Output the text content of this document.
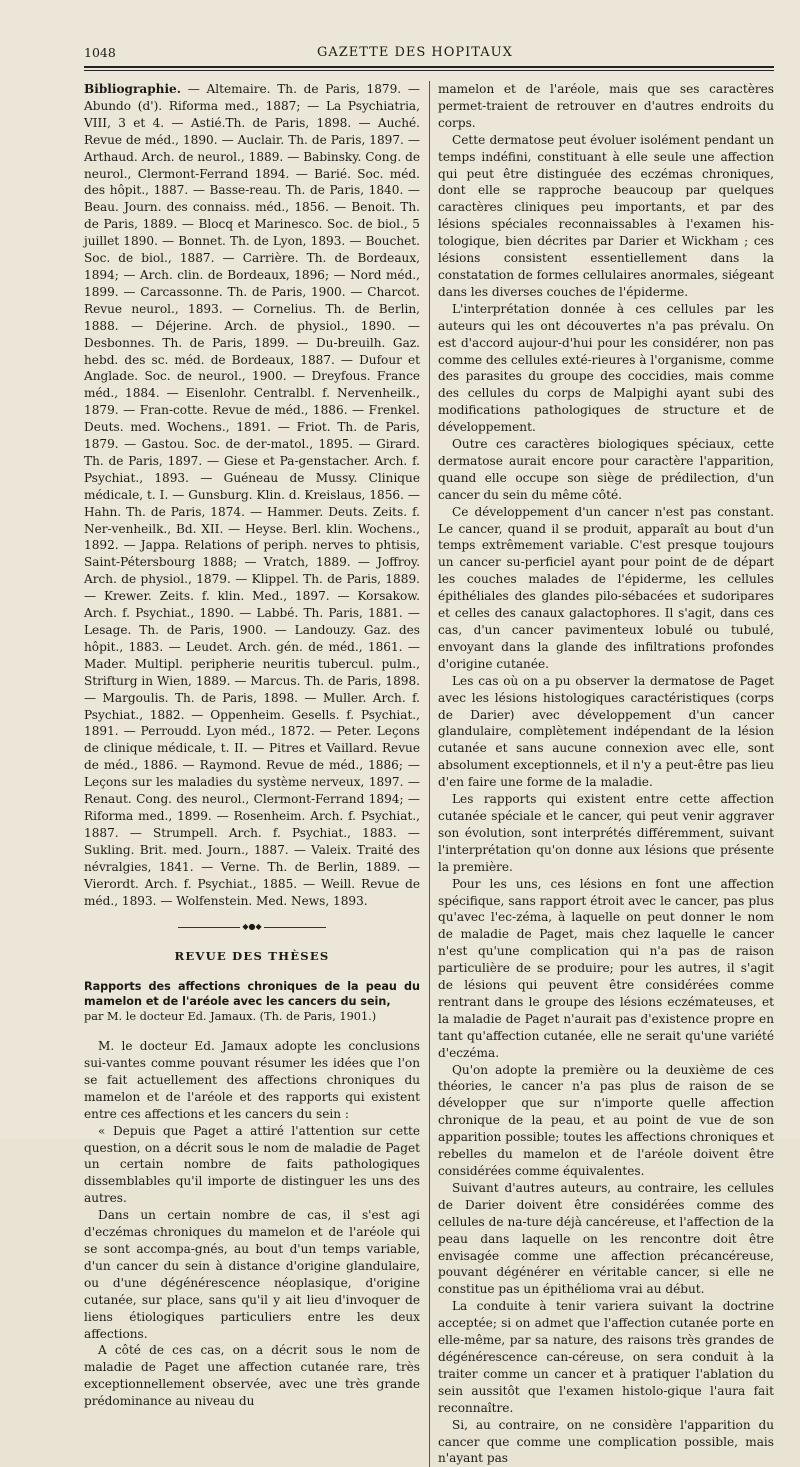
1048	GAZETTE DES HOPITAUX

Bibliographie. — Altemaire. Th. de Paris, 1879. — Abundo (d'). Riforma med., 1887; — La Psychiatria, VIII, 3 et 4. — Astié.Th. de Paris, 1898. — Auché. Revue de méd., 1890. — Auclair. Th. de Paris, 1897. — Arthaud. Arch. de neurol., 1889. — Babinsky. Cong. de neurol., Clermont-Ferrand 1894. — Barié. Soc. méd. des hôpit., 1887. — Basse-reau. Th. de Paris, 1840. — Beau. Journ. des connaiss. méd., 1856. — Benoit. Th. de Paris, 1889. — Blocq et Marinesco. Soc. de biol., 5 juillet 1890. — Bonnet. Th. de Lyon, 1893. — Bouchet. Soc. de biol., 1887. — Carrière. Th. de Bordeaux, 1894; — Arch. clin. de Bordeaux, 1896; — Nord méd., 1899. — Carcassonne. Th. de Paris, 1900. — Charcot. Revue neurol., 1893. — Cornelius. Th. de Berlin, 1888. — Déjerine. Arch. de physiol., 1890. — Desbonnes. Th. de Paris, 1899. — Du-breuilh. Gaz. hebd. des sc. méd. de Bordeaux, 1887. — Dufour et Anglade. Soc. de neurol., 1900. — Dreyfous. France méd., 1884. — Eisenlohr. Centralbl. f. Nervenheilk., 1879. — Fran-cotte. Revue de méd., 1886. — Frenkel. Deuts. med. Wochens., 1891. — Friot. Th. de Paris, 1879. — Gastou. Soc. de der-matol., 1895. — Girard. Th. de Paris, 1897. — Giese et Pa-genstacher. Arch. f. Psychiat., 1893. — Guéneau de Mussy. Clinique médicale, t. I. — Gunsburg. Klin. d. Kreislaus, 1856. — Hahn. Th. de Paris, 1874. — Hammer. Deuts. Zeits. f. Ner-venheilk., Bd. XII. — Heyse. Berl. klin. Wochens., 1892. — Jappa. Relations of periph. nerves to phtisis, Saint-Pétersbourg 1888; — Vratch, 1889. — Joffroy. Arch. de physiol., 1879. — Klippel. Th. de Paris, 1889. — Krewer. Zeits. f. klin. Med., 1897. — Korsakow. Arch. f. Psychiat., 1890. — Labbé. Th. Paris, 1881. — Lesage. Th. de Paris, 1900. — Landouzy. Gaz. des hôpit., 1883. — Leudet. Arch. gén. de méd., 1861. — Mader. Multipl. peripherie neuritis tubercul. pulm., Strifturg in Wien, 1889. — Marcus. Th. de Paris, 1898. — Margoulis. Th. de Paris, 1898. — Muller. Arch. f. Psychiat., 1882. — Oppenheim. Gesells. f. Psychiat., 1891. — Perroudd. Lyon méd., 1872. — Peter. Leçons de clinique médicale, t. II. — Pitres et Vaillard. Revue de méd., 1886. — Raymond. Revue de méd., 1886; — Leçons sur les maladies du système nerveux, 1897. — Renaut. Cong. des neurol., Clermont-Ferrand 1894; — Riforma med., 1899. — Rosenheim. Arch. f. Psychiat., 1887. — Strumpell. Arch. f. Psychiat., 1883. — Sukling. Brit. med. Journ., 1887. — Valeix. Traité des névralgies, 1841. — Verne. Th. de Berlin, 1889. — Vierordt. Arch. f. Psychiat., 1885. — Weill. Revue de méd., 1893. — Wolfenstein. Med. News, 1893.

◆●◆
REVUE DES THÈSES

Rapports des affections chroniques de la peau du mamelon et de l'aréole avec les cancers du sein,

par M. le docteur Ed. Jamaux. (Th. de Paris, 1901.)

M. le docteur Ed. Jamaux adopte les conclusions sui-vantes comme pouvant résumer les idées que l'on se fait actuellement des affections chroniques du mamelon et de l'aréole et des rapports qui existent entre ces affections et les cancers du sein :

« Depuis que Paget a attiré l'attention sur cette question, on a décrit sous le nom de maladie de Paget un certain nombre de faits pathologiques dissemblables qu'il importe de distinguer les uns des autres.

Dans un certain nombre de cas, il s'est agi d'eczémas chroniques du mamelon et de l'aréole qui se sont accompa-gnés, au bout d'un temps variable, d'un cancer du sein à distance d'origine glandulaire, ou d'une dégénérescence néoplasique, d'origine cutanée, sur place, sans qu'il y ait lieu d'invoquer de liens étiologiques particuliers entre les deux affections.

A côté de ces cas, on a décrit sous le nom de maladie de Paget une affection cutanée rare, très exceptionnellement observée, avec une très grande prédominance au niveau du

mamelon et de l'aréole, mais que ses caractères permet-traient de retrouver en d'autres endroits du corps.

Cette dermatose peut évoluer isolément pendant un temps indéfini, constituant à elle seule une affection qui peut être distinguée des eczémas chroniques, dont elle se rapproche beaucoup par quelques caractères cliniques peu importants, et par des lésions spéciales reconnaissables à l'examen his-tologique, bien décrites par Darier et Wickham ; ces lésions consistent essentiellement dans la constatation de formes cellulaires anormales, siégeant dans les diverses couches de l'épiderme.

L'interprétation donnée à ces cellules par les auteurs qui les ont découvertes n'a pas prévalu. On est d'accord aujour-d'hui pour les considérer, non pas comme des cellules exté-rieures à l'organisme, comme des parasites du groupe des coccidies, mais comme des cellules du corps de Malpighi ayant subi des modifications pathologiques de structure et de développement.

Outre ces caractères biologiques spéciaux, cette dermatose aurait encore pour caractère l'apparition, quand elle occupe son siège de prédilection, d'un cancer du sein du même côté.

Ce développement d'un cancer n'est pas constant. Le cancer, quand il se produit, apparaît au bout d'un temps extrêmement variable. C'est presque toujours un cancer su-perficiel ayant pour point de de départ les couches malades de l'épiderme, les cellules épithéliales des glandes pilo-sébacées et sudoripares et celles des canaux galactophores. Il s'agit, dans ces cas, d'un cancer pavimenteux lobulé ou tubulé, envoyant dans la glande des infiltrations profondes d'origine cutanée.

Les cas où on a pu observer la dermatose de Paget avec les lésions histologiques caractéristiques (corps de Darier) avec développement d'un cancer glandulaire, complètement indépendant de la lésion cutanée et sans aucune connexion avec elle, sont absolument exceptionnels, et il n'y a peut-être pas lieu d'en faire une forme de la maladie.

Les rapports qui existent entre cette affection cutanée spéciale et le cancer, qui peut venir aggraver son évolution, sont interprétés différemment, suivant l'interprétation qu'on donne aux lésions que présente la première.

Pour les uns, ces lésions en font une affection spécifique, sans rapport étroit avec le cancer, pas plus qu'avec l'ec-zéma, à laquelle on peut donner le nom de maladie de Paget, mais chez laquelle le cancer n'est qu'une complication qui n'a pas de raison particulière de se produire; pour les autres, il s'agit de lésions qui peuvent être considérées comme rentrant dans le groupe des lésions eczémateuses, et la maladie de Paget n'aurait pas d'existence propre en tant qu'affection cutanée, elle ne serait qu'une variété d'eczéma.

Qu'on adopte la première ou la deuxième de ces théories, le cancer n'a pas plus de raison de se développer que sur n'importe quelle affection chronique de la peau, et au point de vue de son apparition possible; toutes les affections chroniques et rebelles du mamelon et de l'aréole doivent être considérées comme équivalentes.

Suivant d'autres auteurs, au contraire, les cellules de Darier doivent être considérées comme des cellules de na-ture déjà cancéreuse, et l'affection de la peau dans laquelle on les rencontre doit être envisagée comme une affection précancéreuse, pouvant dégénérer en véritable cancer, si elle ne constitue pas un épithélioma vrai au début.

La conduite à tenir variera suivant la doctrine acceptée; si on admet que l'affection cutanée porte en elle-même, par sa nature, des raisons très grandes de dégénérescence can-céreuse, on sera conduit à la traiter comme un cancer et à pratiquer l'ablation du sein aussitôt que l'examen histolo-gique l'aura fait reconnaître.

Si, au contraire, on ne considère l'apparition du cancer que comme une complication possible, mais n'ayant pas
